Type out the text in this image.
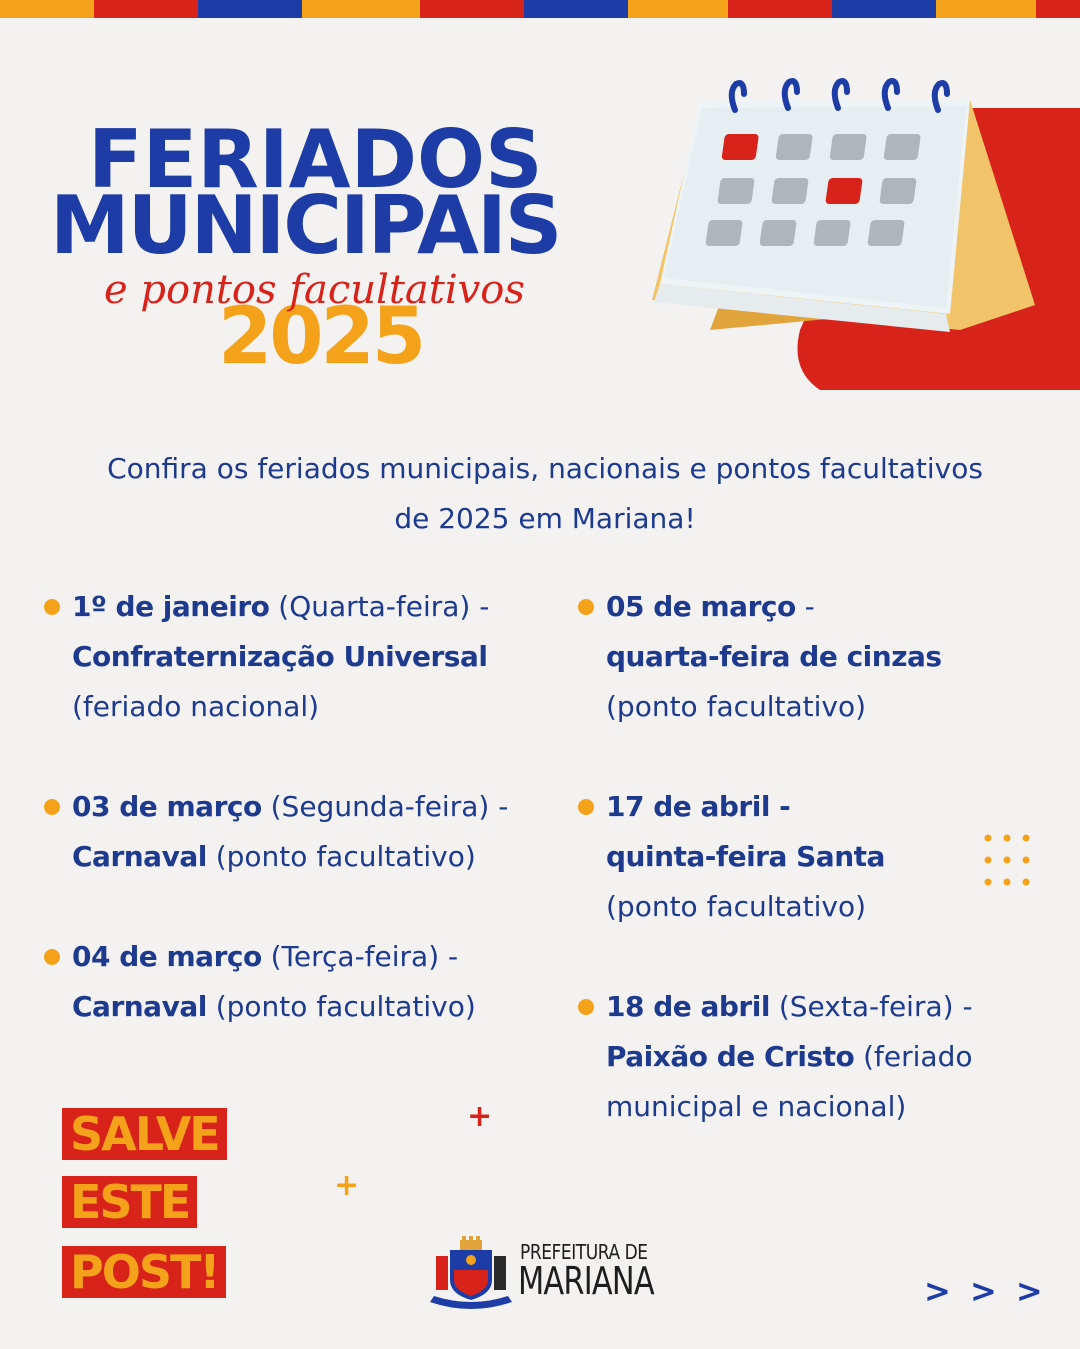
FERIADOS
MUNICIPAIS
2025
e pontos facultativos
Confira os feriados municipais, nacionais e pontos facultativos
de 2025 em Mariana!
1º de janeiro (Quarta-feira) -
Confraternização Universal
(feriado nacional)
03 de março (Segunda-feira) -
Carnaval (ponto facultativo)
04 de março (Terça-feira) -
Carnaval (ponto facultativo)
05 de março -
quarta-feira de cinzas
(ponto facultativo)
17 de abril -
quinta-feira Santa
(ponto facultativo)
18 de abril (Sexta-feira) -
Paixão de Cristo (feriado
municipal e nacional)
SALVE
ESTE
POST!
+
+
PREFEITURA DE
MARIANA	> > >
